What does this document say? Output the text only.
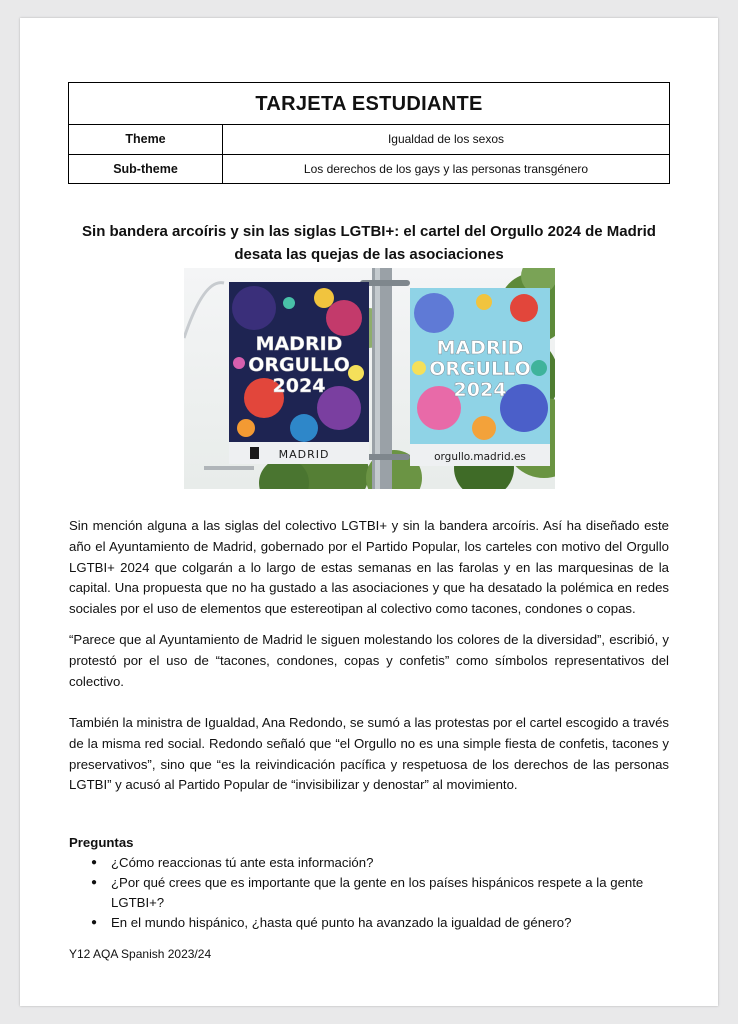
TARJETA ESTUDIANTE
Theme	Igualdad de los sexos
Sub-theme	Los derechos de los gays y las personas transgénero
Sin bandera arcoíris y sin las siglas LGTBI+: el cartel del Orgullo 2024 de Madrid
desata las quejas de las asociaciones
MADRID
ORGULLO
2024
MADRID
MADRID
ORGULLO
2024
orgullo.madrid.es

Sin mención alguna a las siglas del colectivo LGTBI+ y sin la bandera arcoíris. Así ha diseñado este año el Ayuntamiento de Madrid, gobernado por el Partido Popular, los carteles con motivo del Orgullo LGTBI+ 2024 que colgarán a lo largo de estas semanas en las farolas y en las marquesinas de la capital. Una propuesta que no ha gustado a las asociaciones y que ha desatado la polémica en redes sociales por el uso de elementos que estereotipan al colectivo como tacones, condones o copas.

“Parece que al Ayuntamiento de Madrid le siguen molestando los colores de la diversidad”, escribió, y protestó por el uso de “tacones, condones, copas y confetis” como símbolos representativos del colectivo.

También la ministra de Igualdad, Ana Redondo, se sumó a las protestas por el cartel escogido a través de la misma red social. Redondo señaló que “el Orgullo no es una simple fiesta de confetis, tacones y preservativos”, sino que “es la reivindicación pacífica y respetuosa de los derechos de las personas LGTBI” y acusó al Partido Popular de “invisibilizar y denostar” al movimiento.

Preguntas
●	¿Cómo reaccionas tú ante esta información?
●	¿Por qué crees que es importante que la gente en los países hispánicos respete a la gente LGTBI+?
●	En el mundo hispánico, ¿hasta qué punto ha avanzado la igualdad de género?
Y12 AQA Spanish 2023/24
